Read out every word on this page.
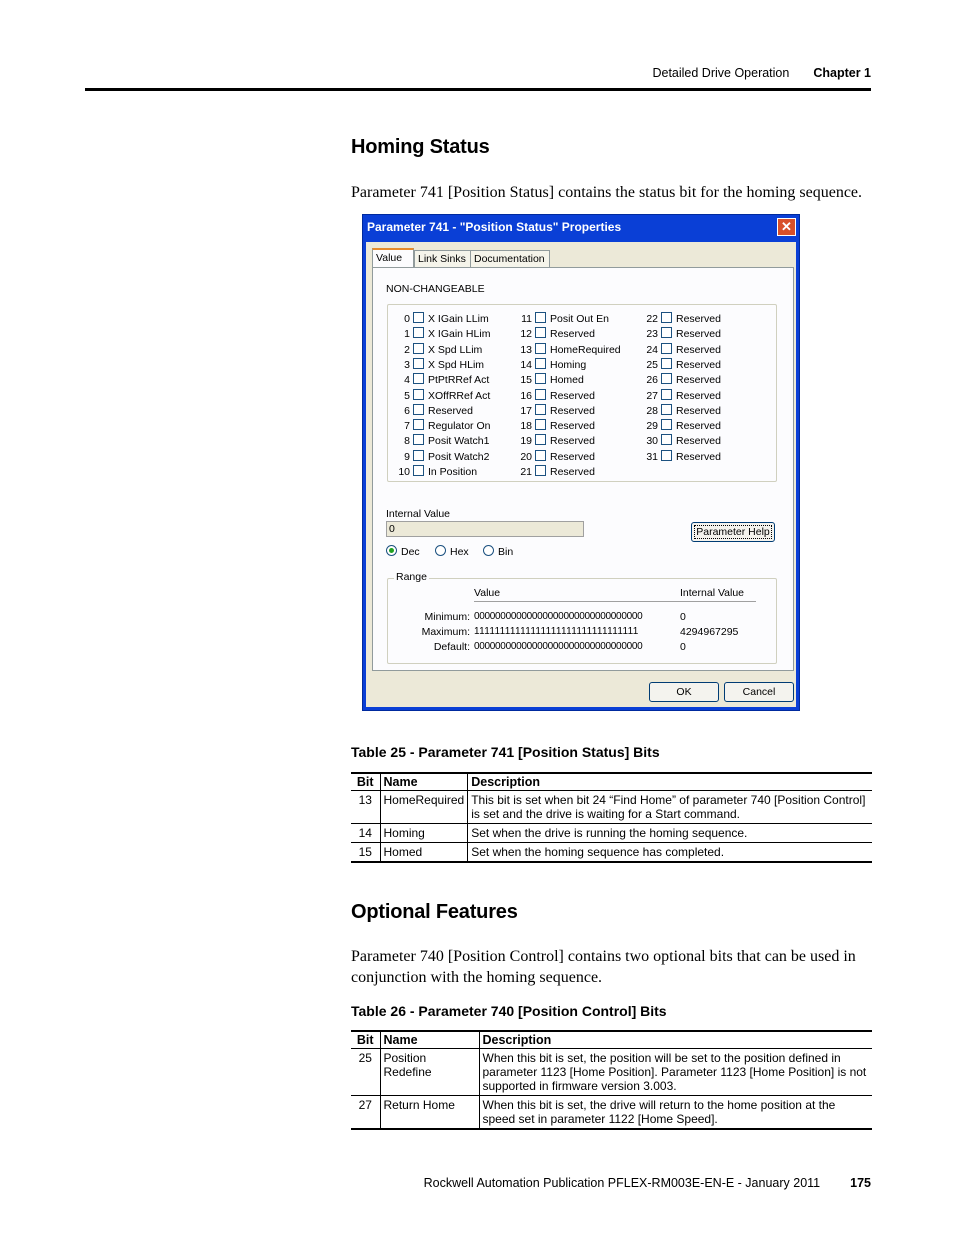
Detailed Drive Operation Chapter 1
Homing Status

Parameter 741 [Position Status] contains the status bit for the homing sequence.

Parameter 741 - "Position Status" Properties	✕
Value	Link Sinks Documentation
NON-CHANGEABLE
0 X IGain LLim
1 X IGain HLim
2 X Spd LLim
3 X Spd HLim
4 PtPtRRef Act
5 XOffRRef Act
6 Reserved
7 Regulator On
8 Posit Watch1
9 Posit Watch2
10 In Position
11 Posit Out En
12 Reserved
13 HomeRequired
14 Homing
15 Homed
16 Reserved
17 Reserved
18 Reserved
19 Reserved
20 Reserved
21 Reserved
22 Reserved
23 Reserved
24 Reserved
25 Reserved
26 Reserved
27 Reserved
28 Reserved
29 Reserved
30 Reserved
31 Reserved
Internal Value
0	Parameter Help
Dec	Hex	Bin
Range
Value	Internal Value
Minimum: 00000000000000000000000000000000	0
Maximum: 11111111111111111111111111111111	4294967295
Default: 00000000000000000000000000000000	0
OK	Cancel

Table 25 - Parameter 741 [Position Status] Bits

Bit	Name	Description
13	HomeRequired	This bit is set when bit 24 “Find Home” of parameter 740 [Position Control] is set and the drive is waiting for a Start command.
14	Homing	Set when the drive is running the homing sequence.
15	Homed	Set when the homing sequence has completed.
Optional Features

Parameter 740 [Position Control] contains two optional bits that can be used in conjunction with the homing sequence.

Table 26 - Parameter 740 [Position Control] Bits

Bit	Name	Description
25	Position Redefine	When this bit is set, the position will be set to the position defined in parameter 1123 [Home Position]. Parameter 1123 [Home Position] is not supported in firmware version 3.003.
27	Return Home	When this bit is set, the drive will return to the home position at the speed set in parameter 1122 [Home Speed].
Rockwell Automation Publication PFLEX-RM003E-EN-E - January 2011 175
